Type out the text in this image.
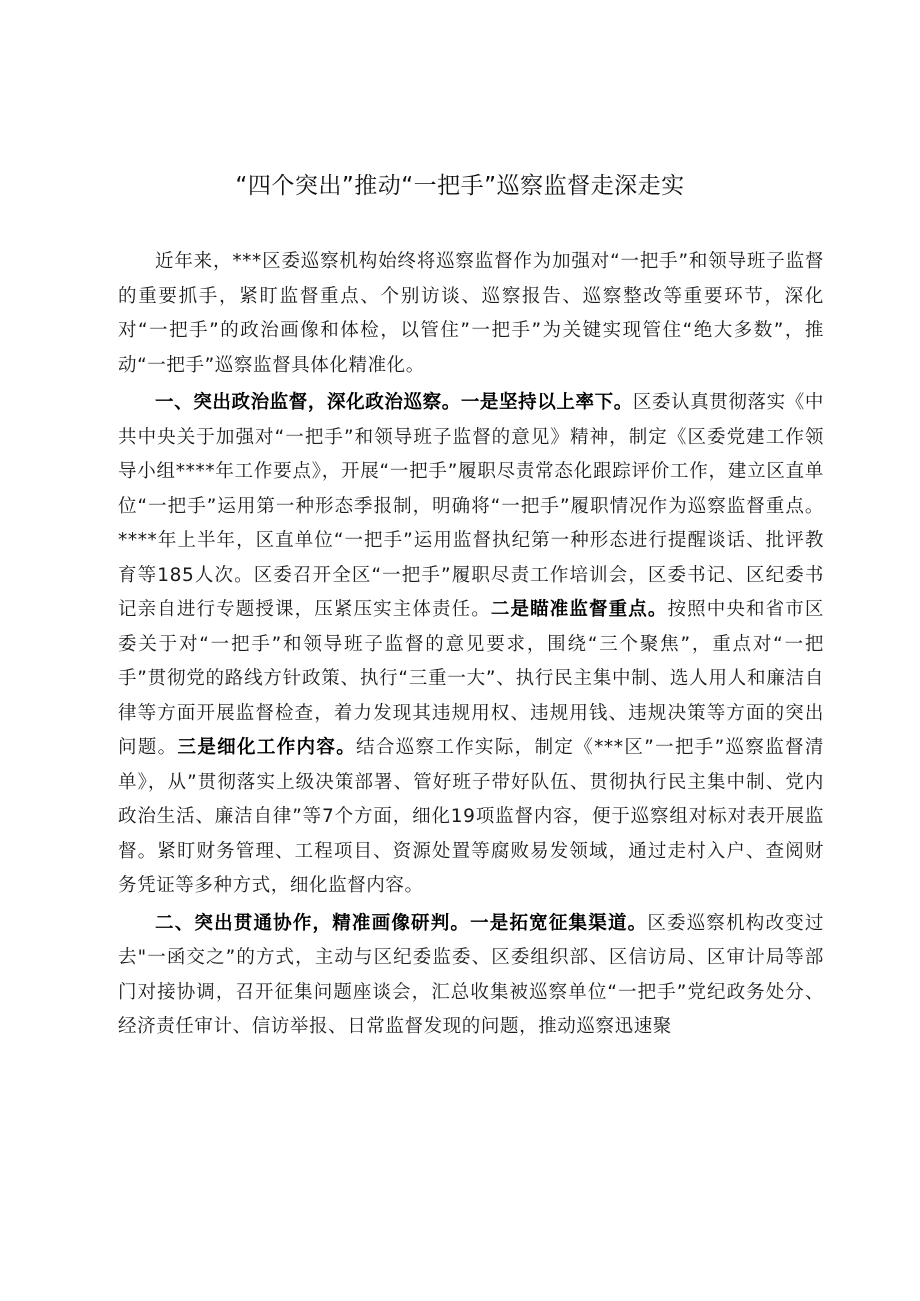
“四个突出”推动“一把手”巡察监督走深走实

近年来，***区委巡察机构始终将巡察监督作为加强对“一把手”和领导班子监督的重要抓手，紧盯监督重点、个别访谈、巡察报告、巡察整改等重要环节，深化对“一把手”的政治画像和体检，以管住”一把手”为关键实现管住“绝大多数”，推动“一把手”巡察监督具体化精准化。

一、突出政治监督，深化政治巡察。一是坚持以上率下。区委认真贯彻落实《中共中央关于加强对“一把手”和领导班子监督的意见》精神，制定《区委党建工作领导小组****年工作要点》，开展“一把手”履职尽责常态化跟踪评价工作，建立区直单位“一把手”运用第一种形态季报制，明确将“一把手”履职情况作为巡察监督重点。****年上半年，区直单位“一把手”运用监督执纪第一种形态进行提醒谈话、批评教育等185人次。区委召开全区“一把手”履职尽责工作培训会，区委书记、区纪委书记亲自进行专题授课，压紧压实主体责任。二是瞄准监督重点。按照中央和省市区委关于对“一把手”和领导班子监督的意见要求，围绕“三个聚焦”，重点对“一把手”贯彻党的路线方针政策、执行“三重一大”、执行民主集中制、选人用人和廉洁自律等方面开展监督检查，着力发现其违规用权、违规用钱、违规决策等方面的突出问题。三是细化工作内容。结合巡察工作实际，制定《***区”一把手”巡察监督清单》，从”贯彻落实上级决策部署、管好班子带好队伍、贯彻执行民主集中制、党内政治生活、廉洁自律”等7个方面，细化19项监督内容，便于巡察组对标对表开展监督。紧盯财务管理、工程项目、资源处置等腐败易发领域，通过走村入户、查阅财务凭证等多种方式，细化监督内容。

二、突出贯通协作，精准画像研判。一是拓宽征集渠道。区委巡察机构改变过去"一函交之”的方式，主动与区纪委监委、区委组织部、区信访局、区审计局等部门对接协调，召开征集问题座谈会，汇总收集被巡察单位“一把手”党纪政务处分、经济责任审计、信访举报、日常监督发现的问题，推动巡察迅速聚
